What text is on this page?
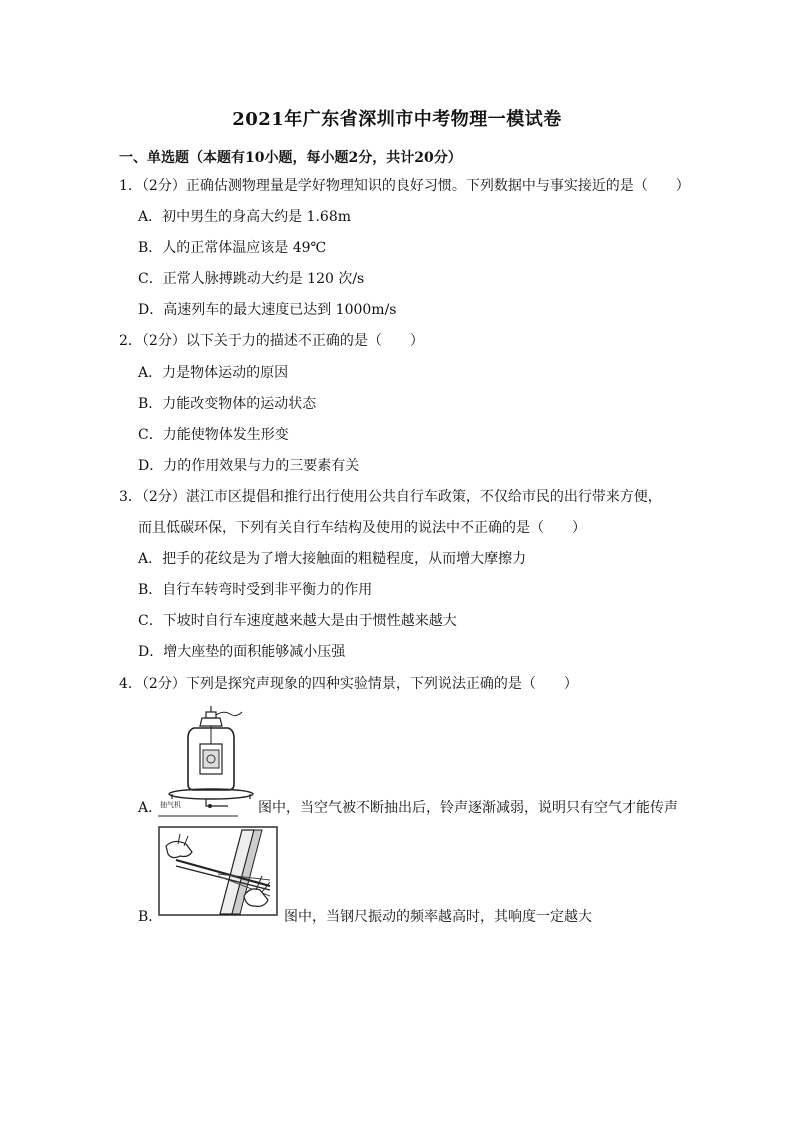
2021年广东省深圳市中考物理一模试卷
一、单选题（本题有10小题，每小题2分，共计20分）
1．（2分）正确估测物理量是学好物理知识的良好习惯。下列数据中与事实接近的是（　　）
A．初中男生的身高大约是 1.68m
B．人的正常体温应该是 49℃
C．正常人脉搏跳动大约是 120 次/s
D．高速列车的最大速度已达到 1000m/s
2．（2分）以下关于力的描述不正确的是（　　）
A．力是物体运动的原因
B．力能改变物体的运动状态
C．力能使物体发生形变
D．力的作用效果与力的三要素有关
3．（2分）湛江市区提倡和推行出行使用公共自行车政策，不仅给市民的出行带来方便，
而且低碳环保，下列有关自行车结构及使用的说法中不正确的是（　　）
A．把手的花纹是为了增大接触面的粗糙程度，从而增大摩擦力
B．自行车转弯时受到非平衡力的作用
C．下坡时自行车速度越来越大是由于惯性越来越大
D．增大座垫的面积能够减小压强
4．（2分）下列是探究声现象的四种实验情景，下列说法正确的是（　　）
抽气机
A．	图中，当空气被不断抽出后，铃声逐渐减弱，说明只有空气才能传声
B．	图中，当钢尺振动的频率越高时，其响度一定越大
